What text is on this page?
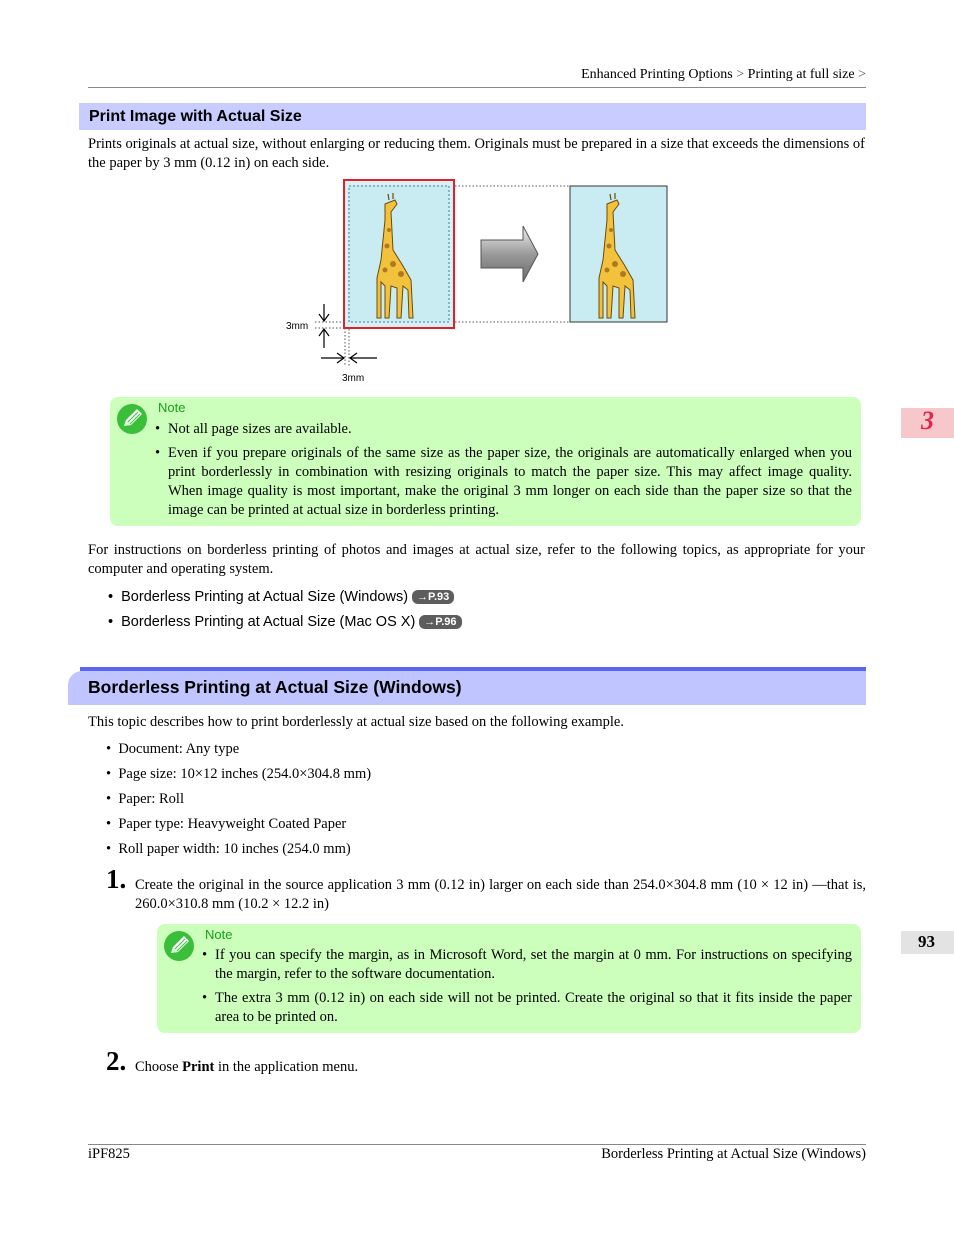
Enhanced Printing Options > Printing at full size >
Print Image with Actual Size
Prints originals at actual size, without enlarging or reducing them. Originals must be prepared in a size that exceeds the dimensions of the paper by 3 mm (0.12 in) on each side.
3mm
3mm
Note
• Not all page sizes are available.
• Even if you prepare originals of the same size as the paper size, the originals are automatically enlarged when you print borderlessly in combination with resizing originals to match the paper size. This may affect image quality. When image quality is most important, make the original 3 mm longer on each side than the paper size so that the image can be printed at actual size in borderless printing.
For instructions on borderless printing of photos and images at actual size, refer to the following topics, as appropriate for your computer and operating system.
•  Borderless Printing at Actual Size (Windows) →P.93
•  Borderless Printing at Actual Size (Mac OS X) →P.96
Borderless Printing at Actual Size (Windows)
This topic describes how to print borderlessly at actual size based on the following example.
•  Document: Any type
•  Page size: 10×12 inches (254.0×304.8 mm)
•  Paper: Roll
•  Paper type: Heavyweight Coated Paper
•  Roll paper width: 10 inches (254.0 mm)
1. Create the original in the source application 3 mm (0.12 in) larger on each side than 254.0×304.8 mm (10 × 12 in) —that is, 260.0×310.8 mm (10.2 × 12.2 in)
Note
• If you can specify the margin, as in Microsoft Word, set the margin at 0 mm. For instructions on specifying the margin, refer to the software documentation.
• The extra 3 mm (0.12 in) on each side will not be printed. Create the original so that it fits inside the paper area to be printed on.
2. Choose Print in the application menu.
3
93
iPF825	Borderless Printing at Actual Size (Windows)
